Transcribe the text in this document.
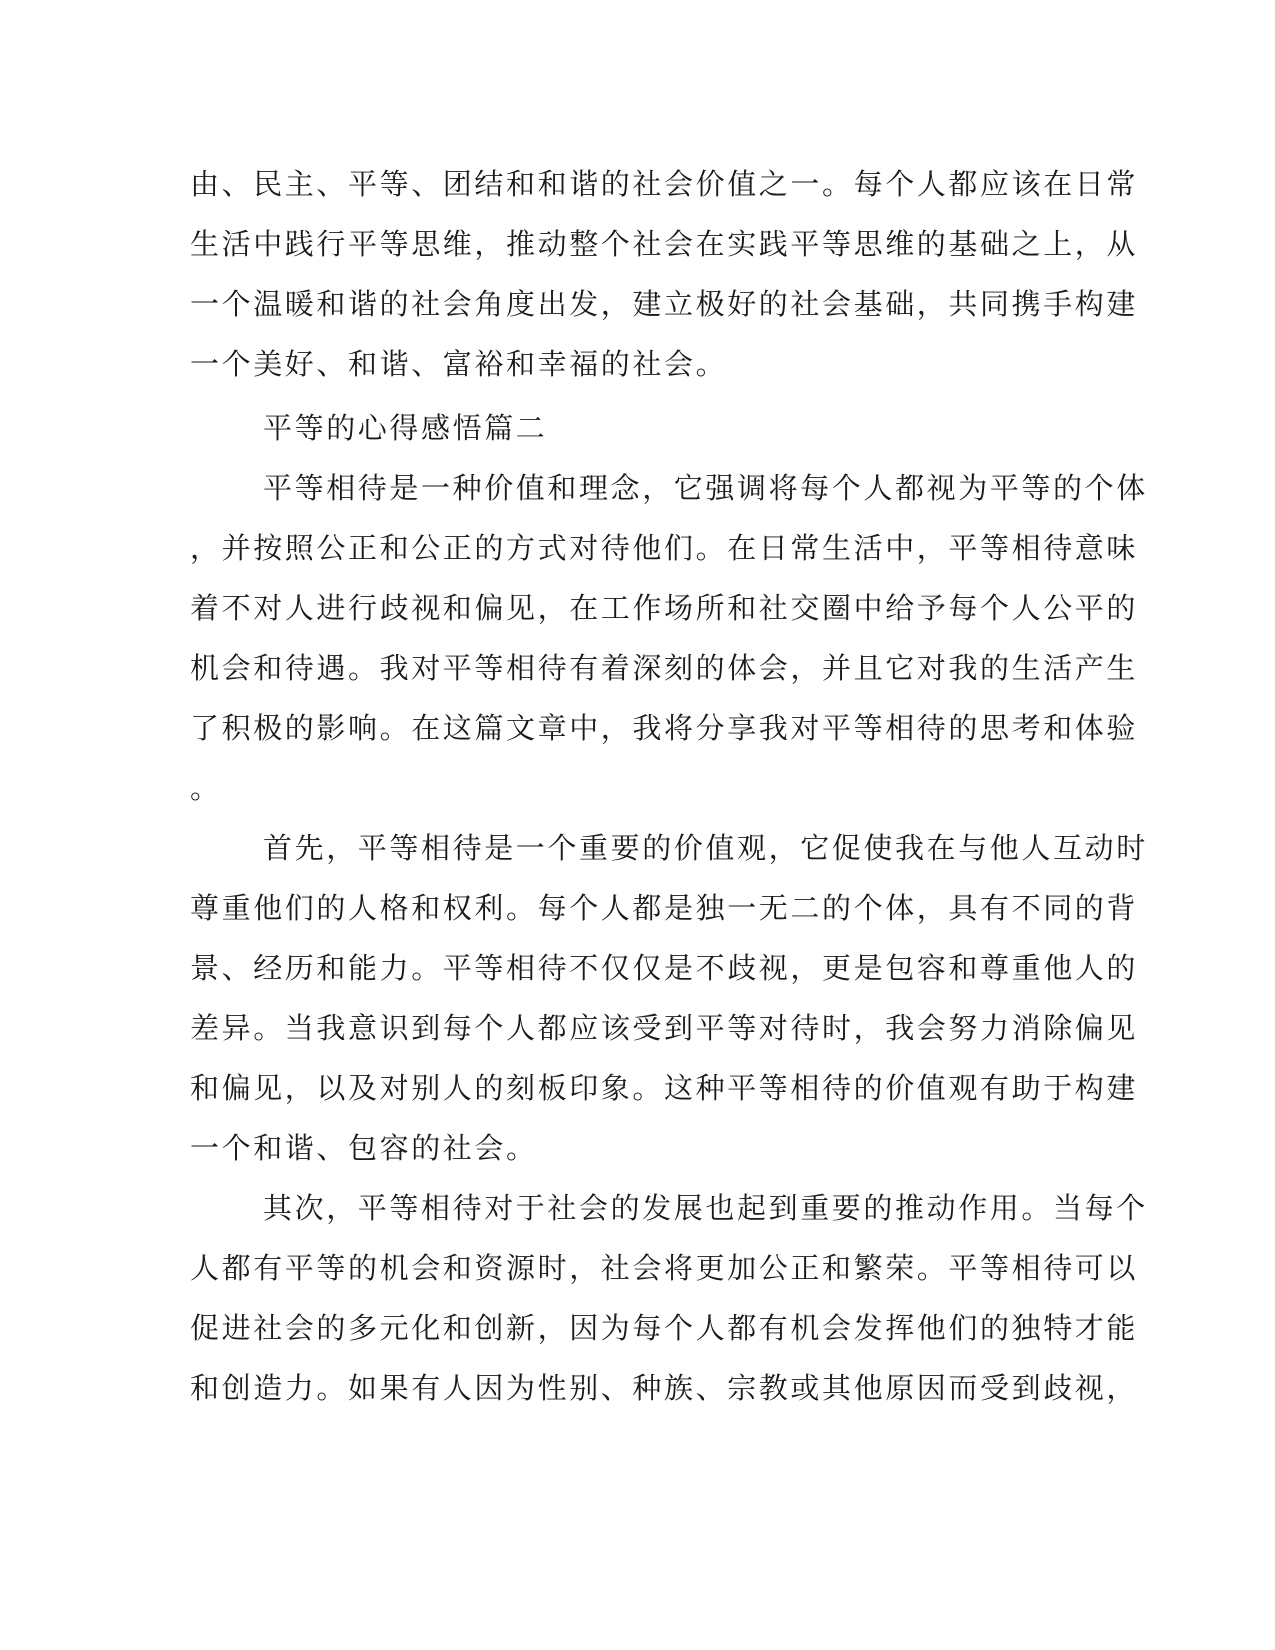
由、民主、平等、团结和和谐的社会价值之一。每个人都应该在日常
生活中践行平等思维，推动整个社会在实践平等思维的基础之上，从
一个温暖和谐的社会角度出发，建立极好的社会基础，共同携手构建
一个美好、和谐、富裕和幸福的社会。
平等的心得感悟篇二
平等相待是一种价值和理念，它强调将每个人都视为平等的个体
，并按照公正和公正的方式对待他们。在日常生活中，平等相待意味
着不对人进行歧视和偏见，在工作场所和社交圈中给予每个人公平的
机会和待遇。我对平等相待有着深刻的体会，并且它对我的生活产生
了积极的影响。在这篇文章中，我将分享我对平等相待的思考和体验
。
首先，平等相待是一个重要的价值观，它促使我在与他人互动时
尊重他们的人格和权利。每个人都是独一无二的个体，具有不同的背
景、经历和能力。平等相待不仅仅是不歧视，更是包容和尊重他人的
差异。当我意识到每个人都应该受到平等对待时，我会努力消除偏见
和偏见，以及对别人的刻板印象。这种平等相待的价值观有助于构建
一个和谐、包容的社会。
其次，平等相待对于社会的发展也起到重要的推动作用。当每个
人都有平等的机会和资源时，社会将更加公正和繁荣。平等相待可以
促进社会的多元化和创新，因为每个人都有机会发挥他们的独特才能
和创造力。如果有人因为性别、种族、宗教或其他原因而受到歧视，
